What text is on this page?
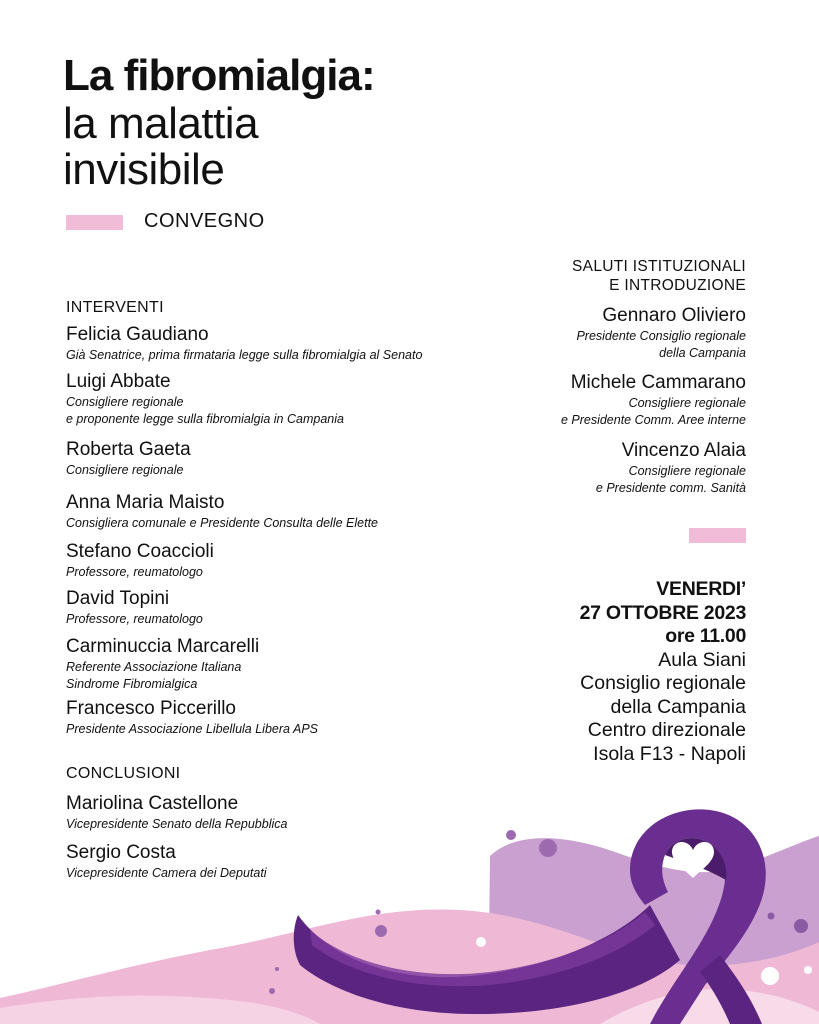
La fibromialgia:
la malattia
invisibile
CONVEGNO
INTERVENTI
Felicia Gaudiano
Già Senatrice, prima firmataria legge sulla fibromialgia al Senato
Luigi Abbate
Consigliere regionale
e proponente legge sulla fibromialgia in Campania
Roberta Gaeta
Consigliere regionale
Anna Maria Maisto
Consigliera comunale e Presidente Consulta delle Elette
Stefano Coaccioli
Professore, reumatologo
David Topini
Professore, reumatologo
Carminuccia Marcarelli
Referente Associazione Italiana
Sindrome Fibromialgica
Francesco Piccerillo
Presidente Associazione Libellula Libera APS
CONCLUSIONI
Mariolina Castellone
Vicepresidente Senato della Repubblica
Sergio Costa
Vicepresidente Camera dei Deputati
SALUTI ISTITUZIONALI
E INTRODUZIONE
Gennaro Oliviero
Presidente Consiglio regionale
della Campania
Michele Cammarano
Consigliere regionale
e Presidente Comm. Aree interne
Vincenzo Alaia
Consigliere regionale
e Presidente comm. Sanità
VENERDI’
27 OTTOBRE 2023
ore 11.00
Aula Siani
Consiglio regionale
della Campania
Centro direzionale
Isola F13 - Napoli
